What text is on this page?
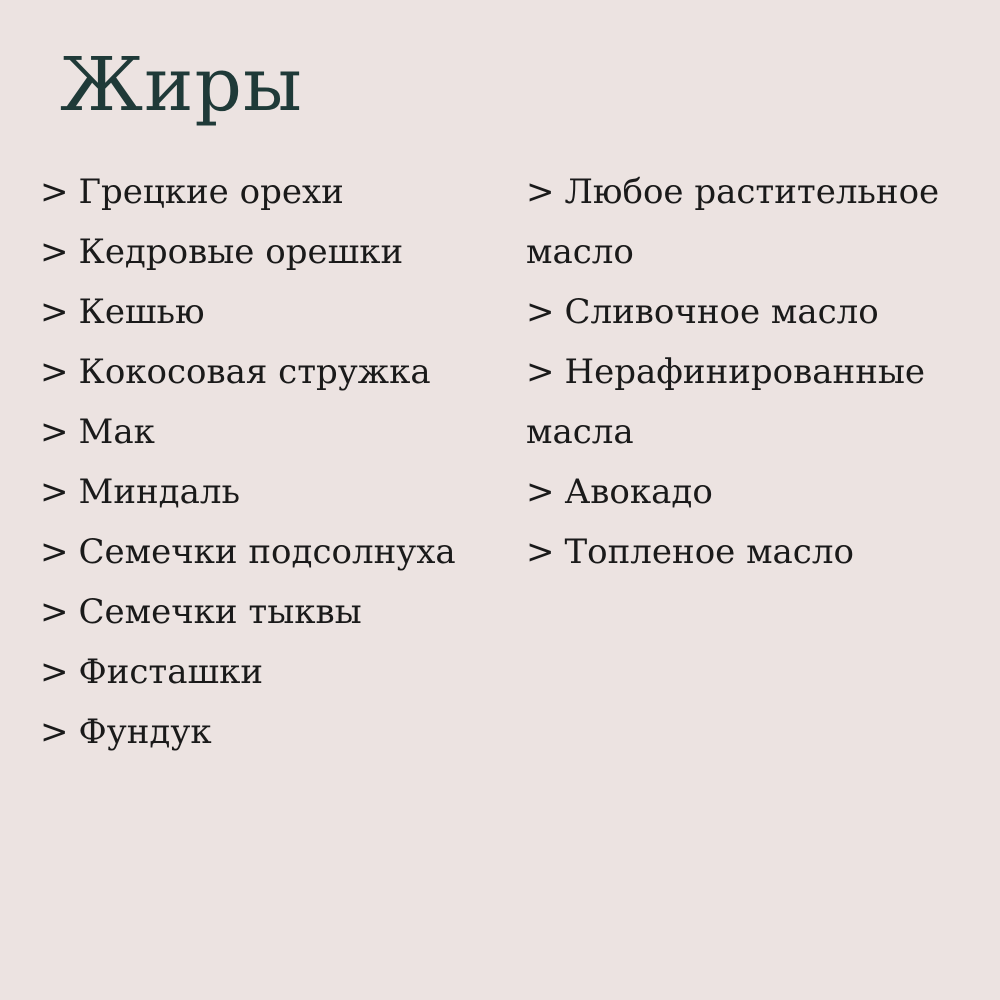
Жиры
> Грецкие орехи
> Кедровые орешки
> Кешью
> Кокосовая стружка
> Мак
> Миндаль
> Семечки подсолнуха
> Семечки тыквы
> Фисташки
> Фундук
> Любое растительное масло
> Сливочное масло
> Нерафинированные масла
> Авокадо
> Топленое масло
